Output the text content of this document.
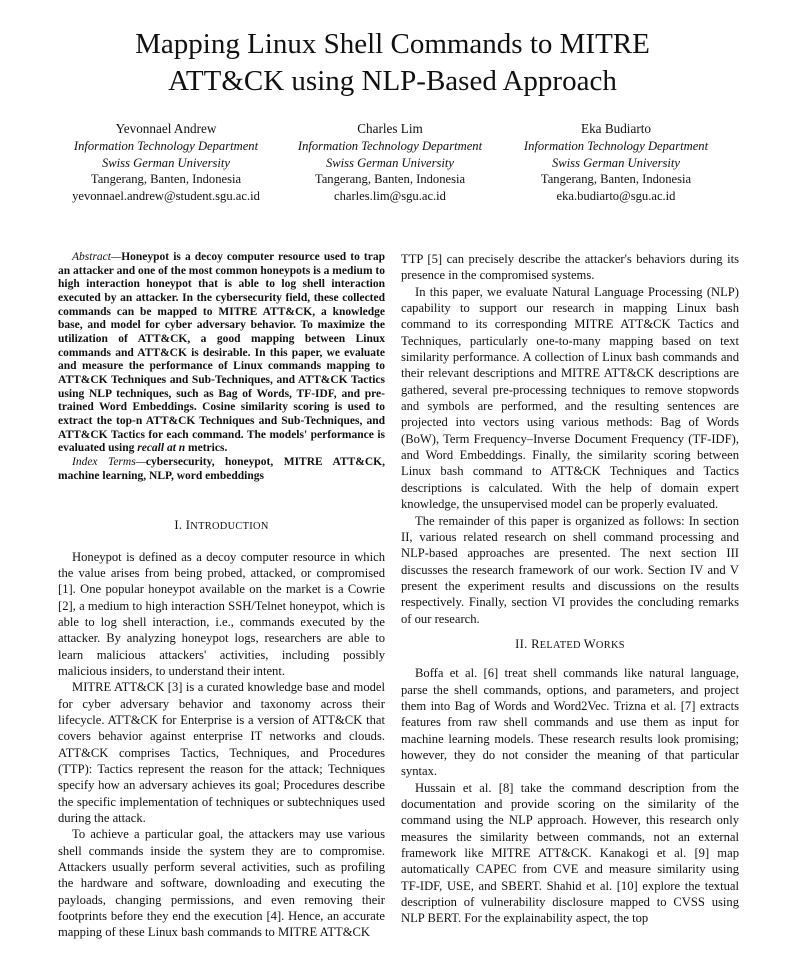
Mapping Linux Shell Commands to MITRE
ATT&CK using NLP-Based Approach
Yevonnael Andrew
Information Technology Department
Swiss German University
Tangerang, Banten, Indonesia
yevonnael.andrew@student.sgu.ac.id
Charles Lim
Information Technology Department
Swiss German University
Tangerang, Banten, Indonesia
charles.lim@sgu.ac.id
Eka Budiarto
Information Technology Department
Swiss German University
Tangerang, Banten, Indonesia
eka.budiarto@sgu.ac.id

Abstract—Honeypot is a decoy computer resource used to trap an attacker and one of the most common honeypots is a medium to high interaction honeypot that is able to log shell interaction executed by an attacker. In the cybersecurity field, these collected commands can be mapped to MITRE ATT&CK, a knowledge base, and model for cyber adversary behavior. To maximize the utilization of ATT&CK, a good mapping between Linux commands and ATT&CK is desirable. In this paper, we evaluate and measure the performance of Linux commands mapping to ATT&CK Techniques and Sub-Techniques, and ATT&CK Tactics using NLP techniques, such as Bag of Words, TF-IDF, and pre-trained Word Embeddings. Cosine similarity scoring is used to extract the top-n ATT&CK Techniques and Sub-Techniques, and ATT&CK Tactics for each command. The models' performance is evaluated using recall at n metrics.

Index Terms—cybersecurity, honeypot, MITRE ATT&CK, machine learning, NLP, word embeddings

I. INTRODUCTION

Honeypot is defined as a decoy computer resource in which the value arises from being probed, attacked, or compromised [1]. One popular honeypot available on the market is a Cowrie [2], a medium to high interaction SSH/Telnet honeypot, which is able to log shell interaction, i.e., commands executed by the attacker. By analyzing honeypot logs, researchers are able to learn malicious attackers' activities, including possibly malicious insiders, to understand their intent.

MITRE ATT&CK [3] is a curated knowledge base and model for cyber adversary behavior and taxonomy across their lifecycle. ATT&CK for Enterprise is a version of ATT&CK that covers behavior against enterprise IT networks and clouds. ATT&CK comprises Tactics, Techniques, and Procedures (TTP): Tactics represent the reason for the attack; Techniques specify how an adversary achieves its goal; Procedures describe the specific implementation of techniques or subtechniques used during the attack.

To achieve a particular goal, the attackers may use various shell commands inside the system they are to compromise. Attackers usually perform several activities, such as profiling the hardware and software, downloading and executing the payloads, changing permissions, and even removing their footprints before they end the execution [4]. Hence, an accurate mapping of these Linux bash commands to MITRE ATT&CK

TTP [5] can precisely describe the attacker's behaviors during its presence in the compromised systems.

In this paper, we evaluate Natural Language Processing (NLP) capability to support our research in mapping Linux bash command to its corresponding MITRE ATT&CK Tactics and Techniques, particularly one-to-many mapping based on text similarity performance. A collection of Linux bash commands and their relevant descriptions and MITRE ATT&CK descriptions are gathered, several pre-processing techniques to remove stopwords and symbols are performed, and the resulting sentences are projected into vectors using various methods: Bag of Words (BoW), Term Frequency–Inverse Document Frequency (TF-IDF), and Word Embeddings. Finally, the similarity scoring between Linux bash command to ATT&CK Techniques and Tactics descriptions is calculated. With the help of domain expert knowledge, the unsupervised model can be properly evaluated.

The remainder of this paper is organized as follows: In section II, various related research on shell command processing and NLP-based approaches are presented. The next section III discusses the research framework of our work. Section IV and V present the experiment results and discussions on the results respectively. Finally, section VI provides the concluding remarks of our research.

II. RELATED WORKS

Boffa et al. [6] treat shell commands like natural language, parse the shell commands, options, and parameters, and project them into Bag of Words and Word2Vec. Trizna et al. [7] extracts features from raw shell commands and use them as input for machine learning models. These research results look promising; however, they do not consider the meaning of that particular syntax.

Hussain et al. [8] take the command description from the documentation and provide scoring on the similarity of the command using the NLP approach. However, this research only measures the similarity between commands, not an external framework like MITRE ATT&CK. Kanakogi et al. [9] map automatically CAPEC from CVE and measure similarity using TF-IDF, USE, and SBERT. Shahid et al. [10] explore the textual description of vulnerability disclosure mapped to CVSS using NLP BERT. For the explainability aspect, the top
